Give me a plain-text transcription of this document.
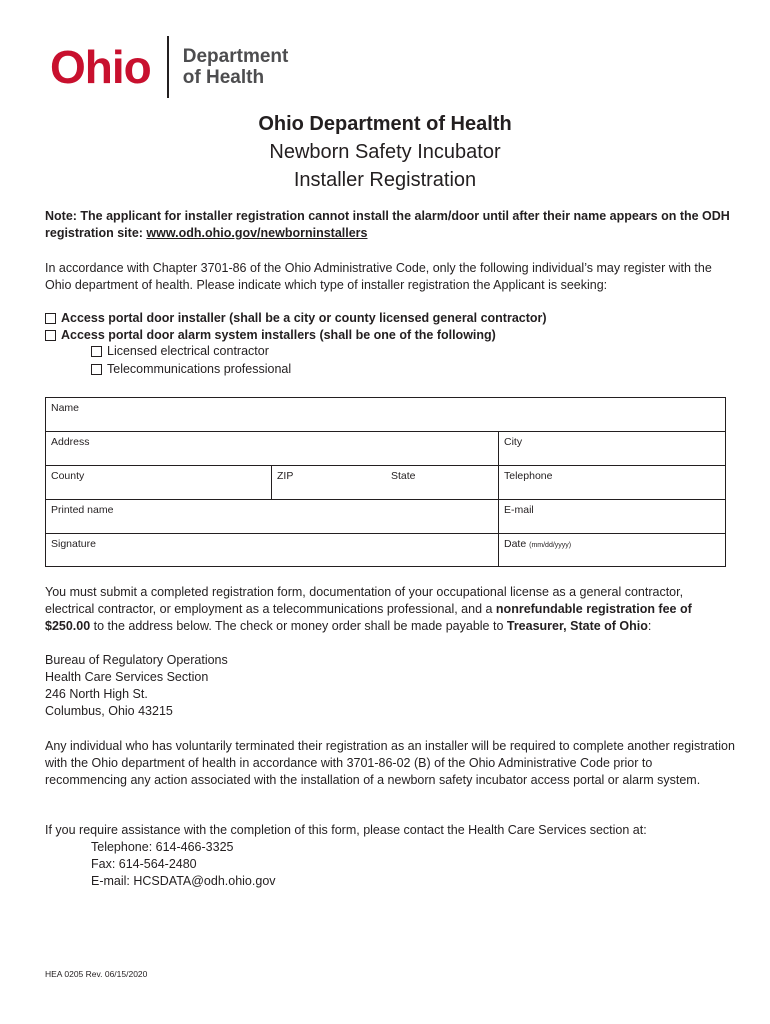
Ohio Department
of Health
Ohio Department of Health
Newborn Safety Incubator
Installer Registration
Note: The applicant for installer registration cannot install the alarm/door until after their name appears on the ODH registration site: www.odh.ohio.gov/newborninstallers
In accordance with Chapter 3701-86 of the Ohio Administrative Code, only the following individual’s may register with the Ohio department of health. Please indicate which type of installer registration the Applicant is seeking:
Access portal door installer (shall be a city or county licensed general contractor)
Access portal door alarm system installers (shall be one of the following)
Licensed electrical contractor
Telecommunications professional
Name
Address	City
County	ZIP	State	Telephone
Printed name	E-mail
Signature	Date (mm/dd/yyyy)
You must submit a completed registration form, documentation of your occupational license as a general contractor, electrical contractor, or employment as a telecommunications professional, and a nonrefundable registration fee of $250.00 to the address below. The check or money order shall be made payable to Treasurer, State of Ohio:
Bureau of Regulatory Operations
Health Care Services Section
246 North High St.
Columbus, Ohio 43215
Any individual who has voluntarily terminated their registration as an installer will be required to complete another registration with the Ohio department of health in accordance with 3701-86-02 (B) of the Ohio Administrative Code prior to recommencing any action associated with the installation of a newborn safety incubator access portal or alarm system.
If you require assistance with the completion of this form, please contact the Health Care Services section at:
Telephone: 614-466-3325
Fax: 614-564-2480
E-mail: HCSDATA@odh.ohio.gov
HEA 0205 Rev. 06/15/2020
